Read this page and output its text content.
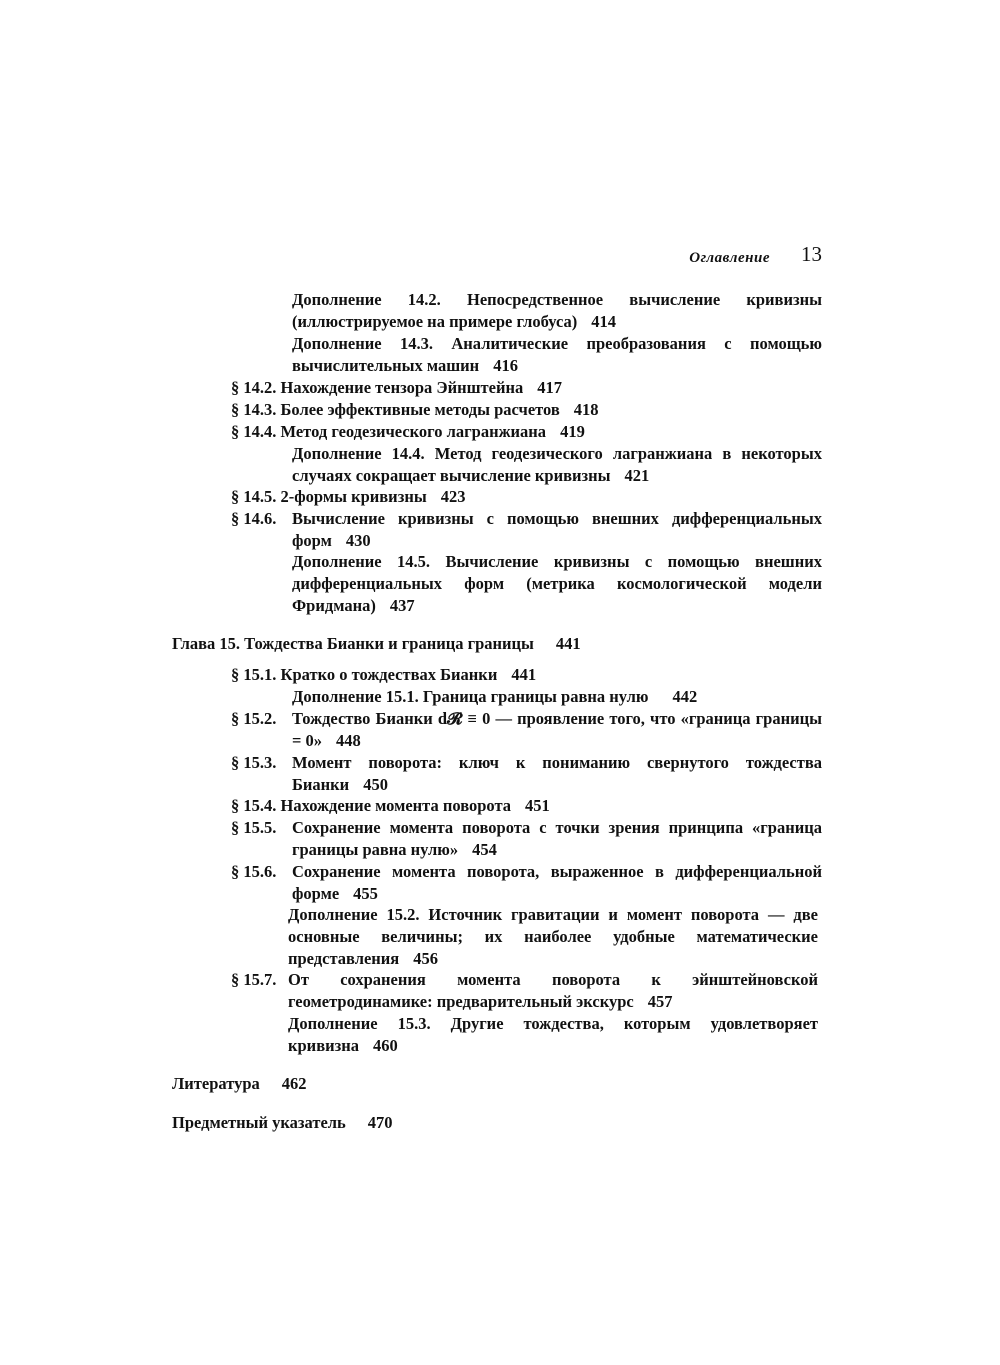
Оглавление 13
Дополнение 14.2. Непосредственное вычисление кривизны (иллюстрируемое на примере глобуса) 414
Дополнение 14.3. Аналитические преобразования с помощью вычислительных машин 416
§ 14.2. Нахождение тензора Эйнштейна 417
§ 14.3. Более эффективные методы расчетов 418
§ 14.4. Метод геодезического лагранжиана 419
Дополнение 14.4. Метод геодезического лагранжиана в некоторых случаях сокращает вычисление кривизны 421
§ 14.5. 2-формы кривизны 423
§ 14.6. Вычисление кривизны с помощью внешних дифференциальных форм 430
Дополнение 14.5. Вычисление кривизны с помощью внешних дифференциальных форм (метрика космологической модели Фридмана) 437
Глава 15. Тождества Бианки и граница границы 441
§ 15.1. Кратко о тождествах Бианки 441
Дополнение 15.1. Граница границы равна нулю 442
§ 15.2. Тождество Бианки d𝓡 ≡ 0 — проявление того, что «граница границы = 0» 448
§ 15.3. Момент поворота: ключ к пониманию свернутого тождества Бианки 450
§ 15.4. Нахождение момента поворота 451
§ 15.5. Сохранение момента поворота с точки зрения принципа «граница границы равна нулю» 454
§ 15.6. Сохранение момента поворота, выраженное в дифференциальной форме 455
Дополнение 15.2. Источник гравитации и момент поворота — две основные величины; их наиболее удобные математические представления 456
§ 15.7. От сохранения момента поворота к эйнштейновской геометродинамике: предварительный экскурс 457
Дополнение 15.3. Другие тождества, которым удовлетворяет кривизна 460
Литература 462
Предметный указатель 470
